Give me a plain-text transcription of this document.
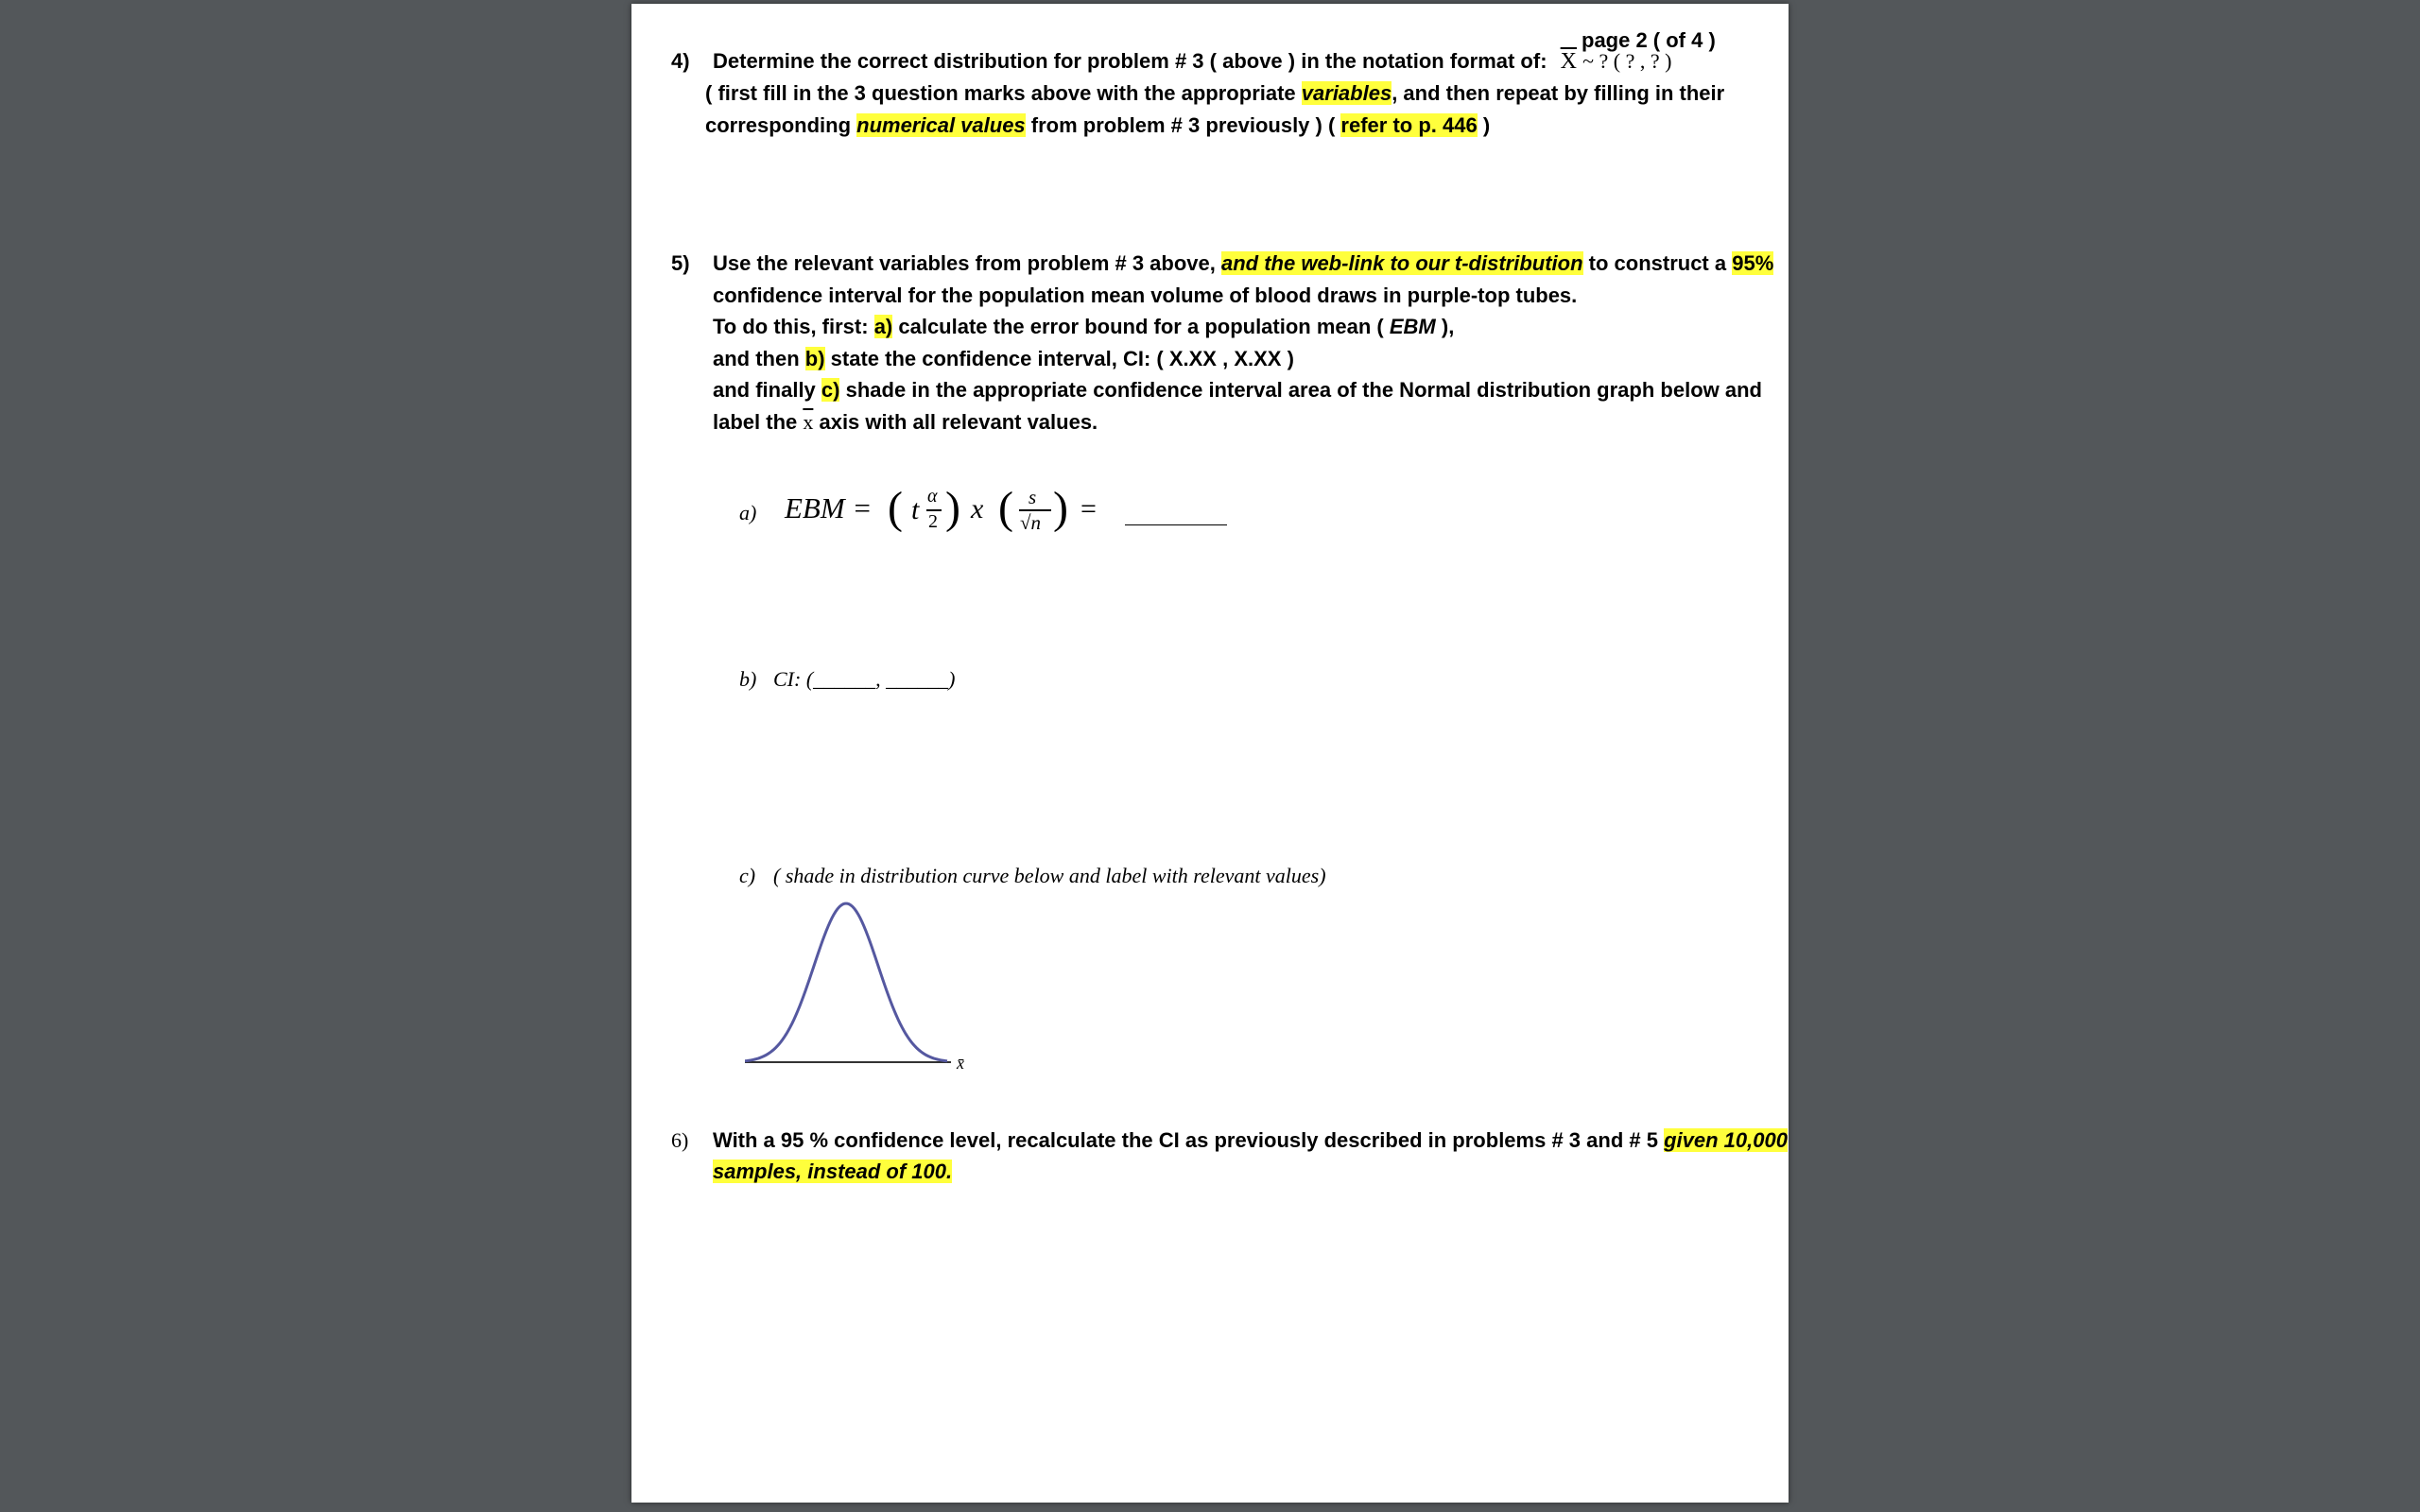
page 2 ( of 4 )
4) Determine the correct distribution for problem # 3 ( above ) in the notation format of: $\overline{X}$ ~ ? ( ? , ? )
( first fill in the 3 question marks above with the appropriate variables, and then repeat by filling in their
corresponding numerical values from problem # 3 previously ) ( refer to p. 446 )
5) Use the relevant variables from problem # 3 above, and the web-link to our t-distribution to construct a 95%
confidence interval for the population mean volume of blood draws in purple-top tubes.
To do this, first: a) calculate the error bound for a population mean ( EBM ),
and then b) state the confidence interval, CI: ( X.XX , X.XX )
and finally c) shade in the appropriate confidence interval area of the Normal distribution graph below and
label the $\overline{x}$ axis with all relevant values.
a) EBM = ( t α
2 ) x ( s
√n ) =
b) CI: (______, ______)
c) ( shade in distribution curve below and label with relevant values)
x̄
6) With a 95 % confidence level, recalculate the CI as previously described in problems # 3 and # 5 given 10,000
samples, instead of 100.
